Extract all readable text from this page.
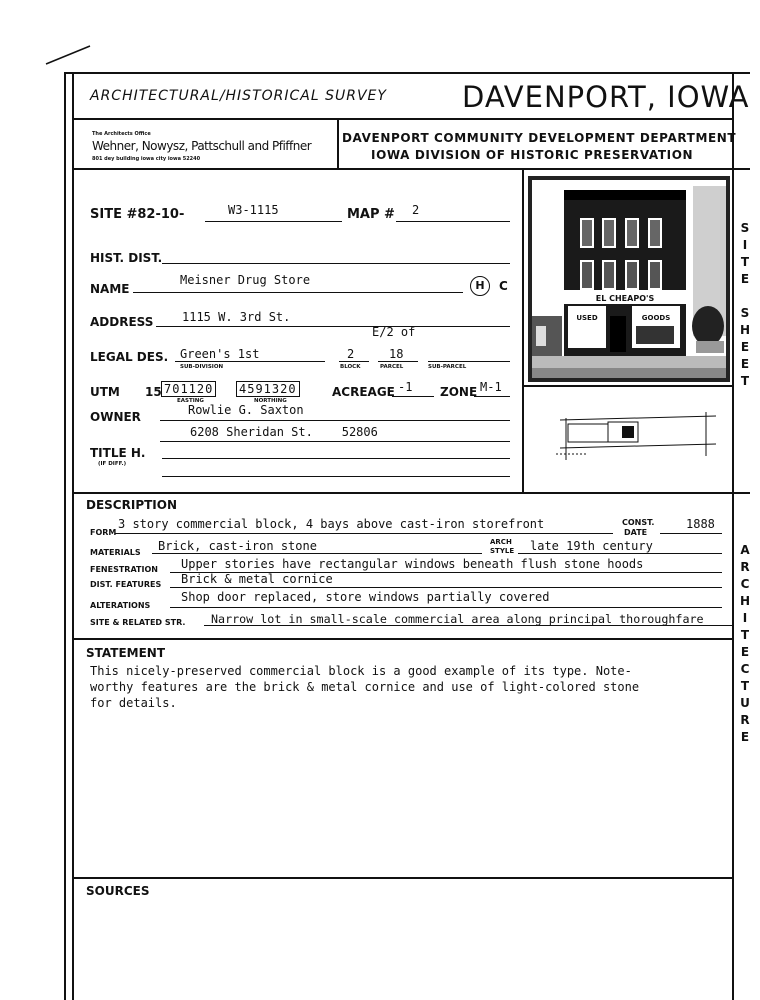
ARCHITECTURAL/HISTORICAL SURVEY	DAVENPORT, IOWA
The Architects Office
Wehner, Nowysz, Pattschull and Pfiffner
801 dey building iowa city iowa 52240
DAVENPORT COMMUNITY DEVELOPMENT DEPARTMENT
IOWA DIVISION OF HISTORIC PRESERVATION
SITE #82-10-	W3-1115	MAP # 2
HIST. DIST.
NAME
Meisner Drug Store	H	C
ADDRESS 1115 W. 3rd St.
E/2 of
LEGAL DES. Green's 1st	2	18
SUB-DIVISION	BLOCK	PARCEL	SUB-PARCEL
UTM 15 701120 4591320
EASTING	NORTHING
ACREAGE -1 ZONE M-1
OWNER	Rowlie G. Saxton
6208 Sheridan St.    52806
TITLE H.
(IF DIFF.)
EL CHEAPO'S
USED	GOODS
DESCRIPTION
FORM
3 story commercial block, 4 bays above cast-iron storefront	CONST.
DATE
1888
MATERIALS Brick, cast-iron stone	ARCH
STYLE late 19th century
FENESTRATION Upper stories have rectangular windows beneath flush stone hoods
DIST. FEATURES Brick & metal cornice
ALTERATIONS
Shop door replaced, store windows partially covered
SITE & RELATED STR. Narrow lot in small-scale commercial area along principal thoroughfare
STATEMENT
This nicely-preserved commercial block is a good example of its type. Note-
worthy features are the brick & metal cornice and use of light-colored stone
for details.
SOURCES
S
I
T
E
S
H
E
E
T
A
R
C
H
I
T
E
C
T
U
R
E
